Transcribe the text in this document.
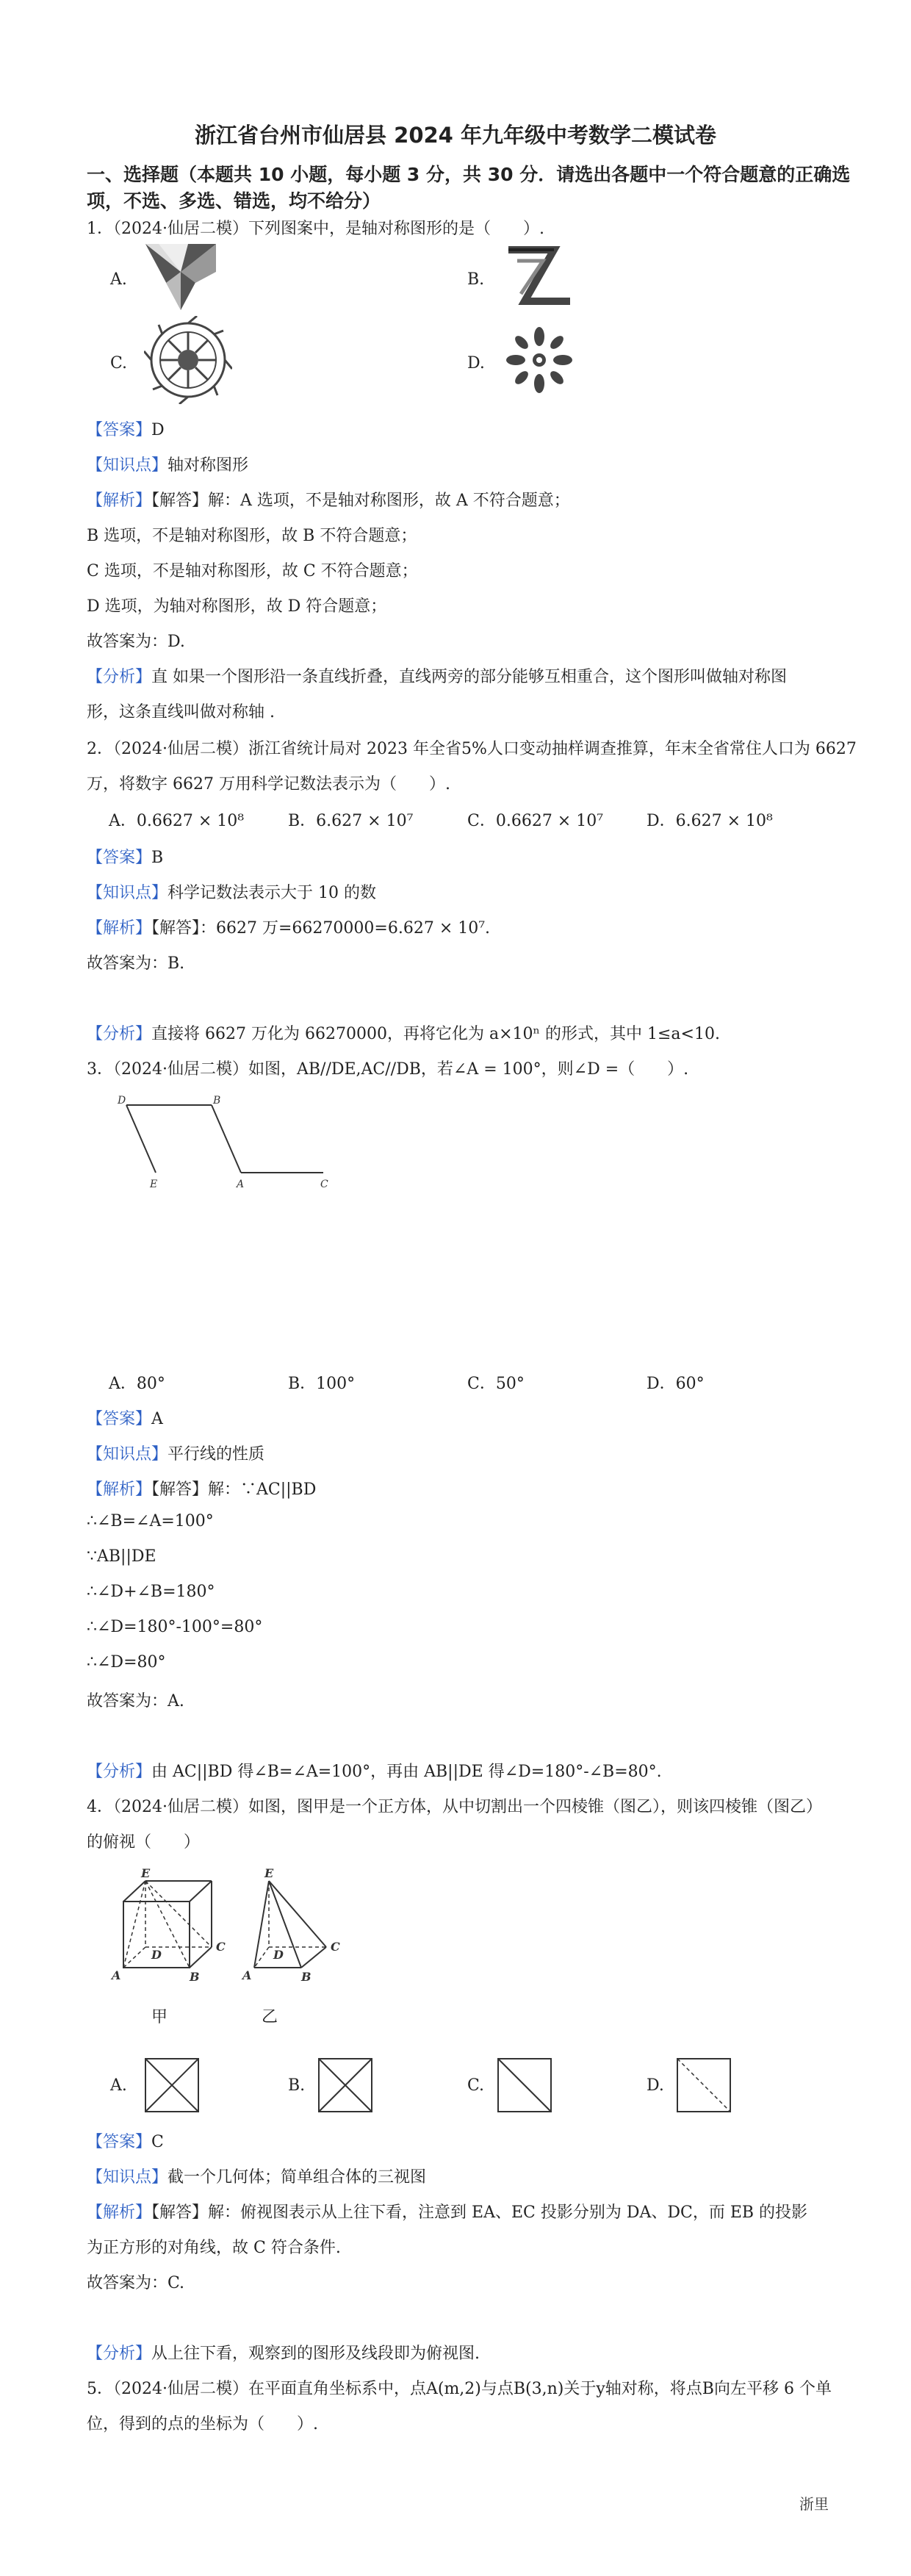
浙江省台州市仙居县 2024 年九年级中考数学二模试卷
一、选择题（本题共 10 小题，每小题 3 分，共 30 分．请选出各题中一个符合题意的正确选
项，不选、多选、错选，均不给分）
1．（2024·仙居二模）下列图案中，是轴对称图形的是（　　）.
A.	B.
C.	D.
【答案】D
【知识点】轴对称图形
【解析】【解答】解：A 选项，不是轴对称图形，故 A 不符合题意；
B 选项，不是轴对称图形，故 B 不符合题意；
C 选项，不是轴对称图形，故 C 不符合题意；
D 选项，为轴对称图形，故 D 符合题意；
故答案为：D.
【分析】直 如果一个图形沿一条直线折叠，直线两旁的部分能够互相重合，这个图形叫做轴对称图
形，这条直线叫做对称轴 .
2．（2024·仙居二模）浙江省统计局对 2023 年全省5%人口变动抽样调查推算，年末全省常住人口为 6627
万，将数字 6627 万用科学记数法表示为（　　）.
A．0.6627 × 10⁸	B．6.627 × 10⁷	C．0.6627 × 10⁷	D．6.627 × 10⁸
【答案】B
【知识点】科学记数法表示大于 10 的数
【解析】【解答】：6627 万=66270000=6.627 × 10⁷.
故答案为：B.
【分析】直接将 6627 万化为 66270000，再将它化为 a×10ⁿ 的形式，其中 1≤a<10.
3．（2024·仙居二模）如图，AB//DE,AC//DB，若∠A = 100°，则∠D =（　　）.
D	B
E	A	C
A．80°	B．100°	C．50°	D．60°
【答案】A
【知识点】平行线的性质
【解析】【解答】解：∵AC||BD
∴∠B=∠A=100°
∵AB||DE
∴∠D+∠B=180°
∴∠D=180°-100°=80°
∴∠D=80°
故答案为：A.
【分析】由 AC||BD 得∠B=∠A=100°，再由 AB||DE 得∠D=180°-∠B=80°.
4．（2024·仙居二模）如图，图甲是一个正方体，从中切割出一个四棱锥（图乙），则该四棱锥（图乙）
的俯视（　　）
E
D
C
A	B
甲
E
D
C
A	B
乙
A.	B.	C.	D.
【答案】C
【知识点】截一个几何体；简单组合体的三视图
【解析】【解答】解：俯视图表示从上往下看，注意到 EA、EC 投影分别为 DA、DC，而 EB 的投影
为正方形的对角线，故 C 符合条件.
故答案为：C.
【分析】从上往下看，观察到的图形及线段即为俯视图.
5．（2024·仙居二模）在平面直角坐标系中，点A(m,2)与点B(3,n)关于y轴对称，将点B向左平移 6 个单
位，得到的点的坐标为（　　）.
浙里
